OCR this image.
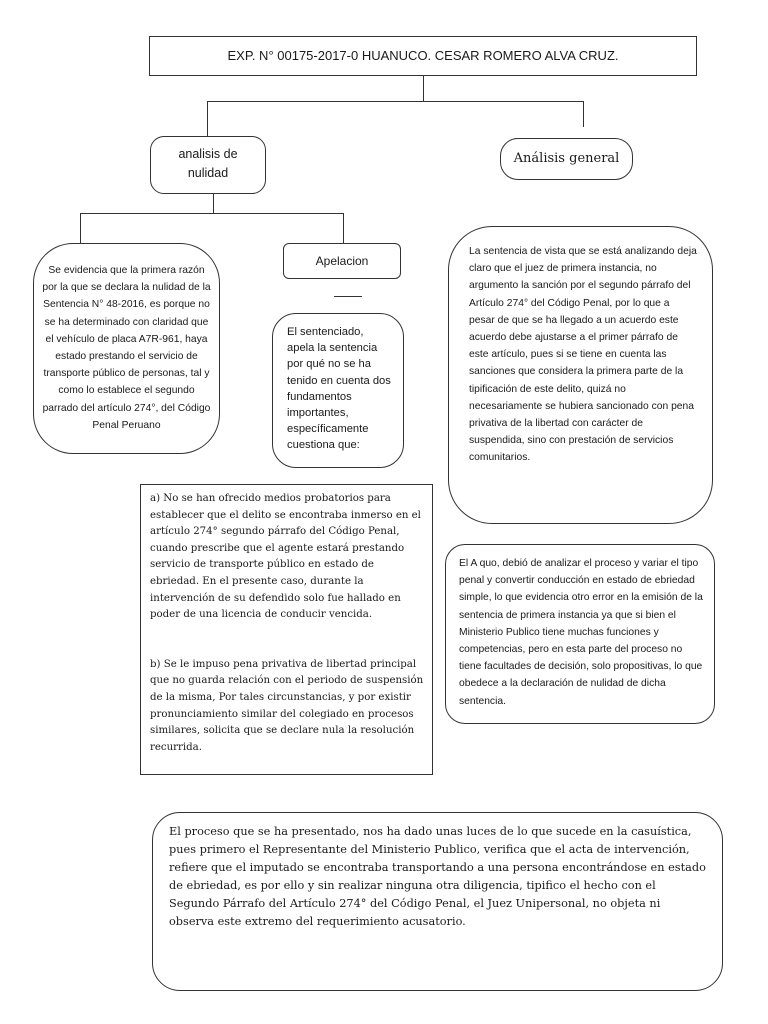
EXP. N° 00175-2017-0 HUANUCO. CESAR ROMERO ALVA CRUZ.
analisis de nulidad
Análisis general

Se evidencia que la primera razón por la que se declara la nulidad de la Sentencia N° 48-2016, es porque no se ha determinado con claridad que el vehículo de placa A7R-961, haya estado prestando el servicio de transporte público de personas, tal y como lo establece el segundo parrado del artículo 274°, del Código Penal Peruano

Apelacion

El sentenciado, apela la sentencia por qué no se ha tenido en cuenta dos fundamentos importantes, específicamente cuestiona que:

La sentencia de vista que se está analizando deja claro que el juez de primera instancia, no argumento la sanción por el segundo párrafo del Artículo 274° del Código Penal, por lo que a pesar de que se ha llegado a un acuerdo este acuerdo debe ajustarse a el primer párrafo de este artículo, pues si se tiene en cuenta las sanciones que considera la primera parte de la tipificación de este delito, quizá no necesariamente se hubiera sancionado con pena privativa de la libertad con carácter de suspendida, sino con prestación de servicios comunitarios.

El A quo, debió de analizar el proceso y variar el tipo penal y convertir conducción en estado de ebriedad simple, lo que evidencia otro error en la emisión de la sentencia de primera instancia ya que si bien el Ministerio Publico tiene muchas funciones y competencias, pero en esta parte del proceso no tiene facultades de decisión, solo propositivas, lo que obedece a la declaración de nulidad de dicha sentencia.

a) No se han ofrecido medios probatorios para establecer que el delito se encontraba inmerso en el artículo 274° segundo párrafo del Código Penal, cuando prescribe que el agente estará prestando servicio de transporte público en estado de ebriedad. En el presente caso, durante la intervención de su defendido solo fue hallado en poder de una licencia de conducir vencida.

b) Se le impuso pena privativa de libertad principal que no guarda relación con el periodo de suspensión de la misma, Por tales circunstancias, y por existir pronunciamiento similar del colegiado en procesos similares, solicita que se declare nula la resolución recurrida.

El proceso que se ha presentado, nos ha dado unas luces de lo que sucede en la casuística, pues primero el Representante del Ministerio Publico, verifica que el acta de intervención, refiere que el imputado se encontraba transportando a una persona encontrándose en estado de ebriedad, es por ello y sin realizar ninguna otra diligencia, tipifico el hecho con el Segundo Párrafo del Artículo 274° del Código Penal, el Juez Unipersonal, no objeta ni observa este extremo del requerimiento acusatorio.
